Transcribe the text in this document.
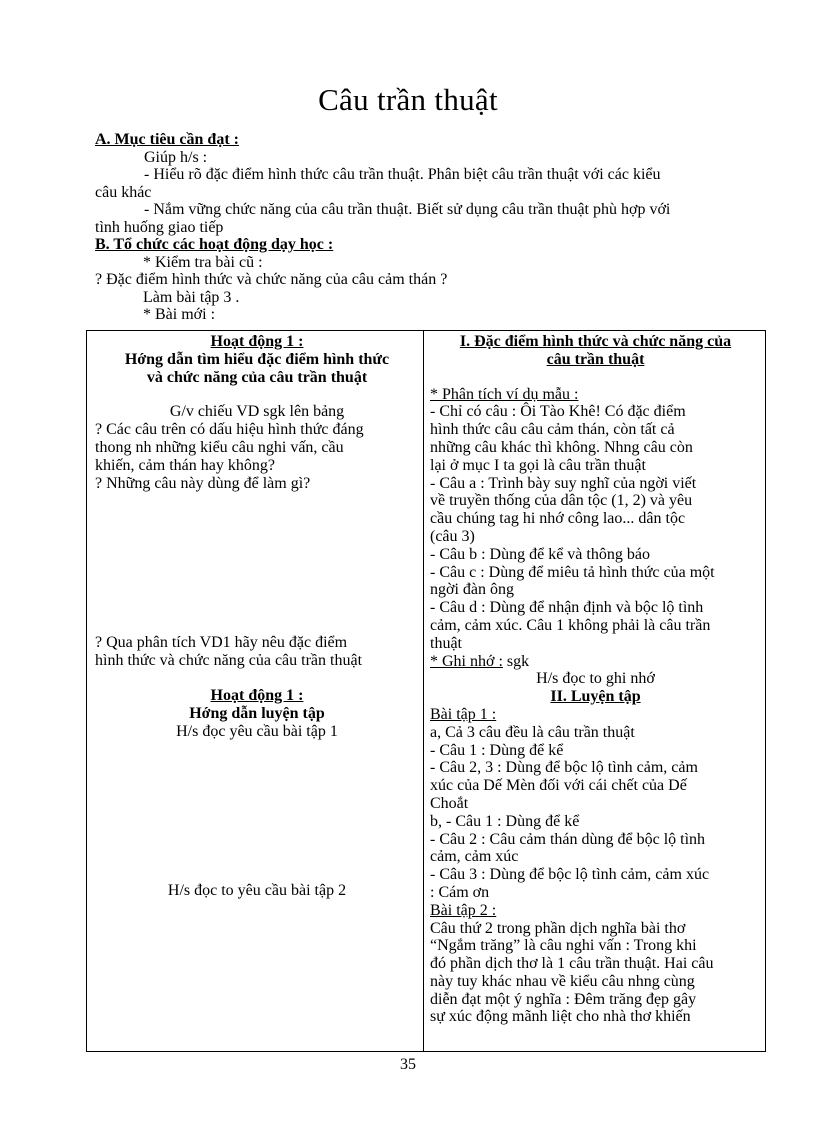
Câu trần thuật

A. Mục tiêu cần đạt :

Giúp h/s :

- Hiểu rõ đặc điểm hình thức câu trần thuật. Phân biệt câu trần thuật với các kiểu

câu khác

- Nắm vững chức năng của câu trần thuật. Biết sử dụng câu trần thuật phù hợp với

tình huống giao tiếp

B. Tổ chức các hoạt động dạy học :

* Kiểm tra bài cũ :

? Đặc điểm hình thức và chức năng của câu cảm thán ?

Làm bài tập 3 .

* Bài mới :

Hoạt động 1 :

Hớng dẫn tìm hiểu đặc điểm hình thức

và chức năng của câu trần thuật

G/v chiếu VD sgk lên bảng

? Các câu trên có dấu hiệu hình thức đáng

thong nh những kiểu câu nghi vấn, cầu

khiến, cảm thán hay không?

? Những câu này dùng để làm gì?

? Qua phân tích VD1 hãy nêu đặc điểm

hình thức và chức năng của câu trần thuật

Hoạt động 1 :

Hớng dẫn luyện tập

H/s đọc yêu cầu bài tập 1

H/s đọc to yêu cầu bài tập 2

I. Đặc điểm hình thức và chức năng của

câu trần thuật

* Phân tích ví dụ mẫu :

- Chỉ có câu : Ôi Tào Khê! Có đặc điểm

hình thức câu câu cảm thán, còn tất cả

những câu khác thì không. Nhng câu còn

lại ở mục I ta gọi là câu trần thuật

- Câu a : Trình bày suy nghĩ của ngời viết

về truyền thống của dân tộc (1, 2) và yêu

cầu chúng tag hi nhớ công lao... dân tộc

(câu 3)

- Câu b : Dùng để kể và thông báo

- Câu c : Dùng để miêu tả hình thức của một

ngời đàn ông

- Câu d : Dùng để nhận định và bộc lộ tình

cảm, cảm xúc. Câu 1 không phải là câu trần

thuật

* Ghi nhớ : sgk

H/s đọc to ghi nhớ

II. Luyện tập

Bài tập 1 :

a, Cả 3 câu đều là câu trần thuật

- Câu 1 : Dùng để kể

- Câu 2, 3 : Dùng để bộc lộ tình cảm, cảm

xúc của Dế Mèn đối với cái chết của Dế

Choắt

b, - Câu 1 : Dùng để kể

- Câu 2 : Câu cảm thán dùng để bộc lộ tình

cảm, cảm xúc

- Câu 3 : Dùng để bộc lộ tình cảm, cảm xúc

: Cám ơn

Bài tập 2 :

Câu thứ 2 trong phần dịch nghĩa bài thơ

“Ngắm trăng” là câu nghi vấn : Trong khi

đó phần dịch thơ là 1 câu trần thuật. Hai câu

này tuy khác nhau về kiểu câu nhng cùng

diễn đạt một ý nghĩa : Đêm trăng đẹp gây

sự xúc động mãnh liệt cho nhà thơ khiến

35
